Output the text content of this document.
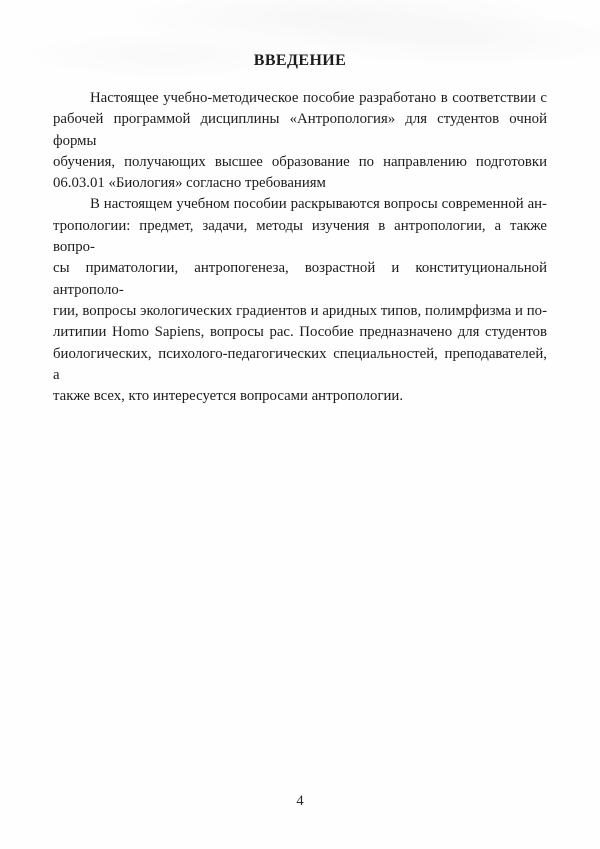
ВВЕДЕНИЕ
Настоящее учебно-методическое пособие разработано в соответствии с
рабочей программой дисциплины «Антропология» для студентов очной формы
обучения, получающих высшее образование по направлению подготовки
06.03.01 «Биология» согласно требованиям
В настоящем учебном пособии раскрываются вопросы современной ан-
тропологии: предмет, задачи, методы изучения в антропологии, а также вопро-
сы приматологии, антропогенеза, возрастной и конституциональной антрополо-
гии, вопросы экологических градиентов и аридных типов, полимрфизма и по-
литипии Homo Sapiens, вопросы рас. Пособие предназначено для студентов
биологических, психолого-педагогических специальностей, преподавателей, а
также всех, кто интересуется вопросами антропологии.
4
